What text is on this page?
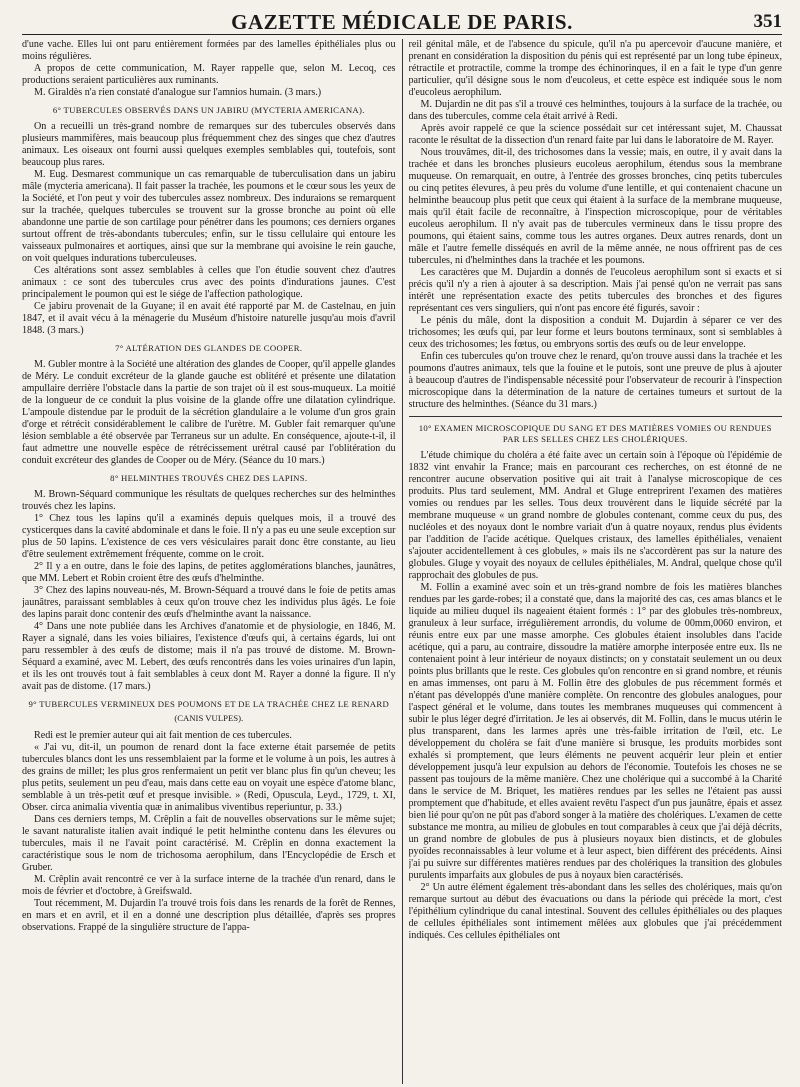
GAZETTE MÉDICALE DE PARIS.	351

d'une vache. Elles lui ont paru entièrement formées par des lamelles épithéliales plus ou moins régulières.

A propos de cette communication, M. Rayer rappelle que, selon M. Lecoq, ces productions seraient particulières aux ruminants.

M. Giraldès n'a rien constaté d'analogue sur l'amnios humain. (3 mars.)

6° TUBERCULES OBSERVÉS DANS UN JABIRU (MYCTERIA AMERICANA).

On a recueilli un très-grand nombre de remarques sur des tubercules observés dans plusieurs mammifères, mais beaucoup plus fréquemment chez des singes que chez d'autres animaux. Les oiseaux ont fourni aussi quelques exemples semblables qui, toutefois, sont beaucoup plus rares.

M. Eug. Desmarest communique un cas remarquable de tuberculisation dans un jabiru mâle (mycteria americana). Il fait passer la trachée, les poumons et le cœur sous les yeux de la Société, et l'on peut y voir des tubercules assez nombreux. Des induraions se remarquent sur la trachée, quelques tubercules se trouvent sur la grosse bronche au point où elle abandonne une partie de son cartilage pour pénétrer dans les poumons; ces derniers organes surtout offrent de très-abondants tubercules; enfin, sur le tissu cellulaire qui entoure les vaisseaux pulmonaires et aortiques, ainsi que sur la membrane qui avoisine le rein gauche, on voit quelques indurations tuberculeuses.

Ces altérations sont assez semblables à celles que l'on étudie souvent chez d'autres animaux : ce sont des tubercules crus avec des points d'indurations jaunes. C'est principalement le poumon qui est le siége de l'affection pathologique.

Ce jabiru provenait de la Guyane; il en avait été rapporté par M. de Castelnau, en juin 1847, et il avait vécu à la ménagerie du Muséum d'histoire naturelle jusqu'au mois d'avril 1848. (3 mars.)

7° ALTÉRATION DES GLANDES DE COOPER.

M. Gubler montre à la Société une altération des glandes de Cooper, qu'il appelle glandes de Méry. Le conduit excréteur de la glande gauche est oblitéré et présente une dilatation ampullaire derrière l'obstacle dans la partie de son trajet où il est sous-muqueux. La moitié de la longueur de ce conduit la plus voisine de la glande offre une dilatation cylindrique. L'ampoule distendue par le produit de la sécrétion glandulaire a le volume d'un gros grain d'orge et rétrécit considérablement le calibre de l'urètre. M. Gubler fait remarquer qu'une lésion semblable a été observée par Terraneus sur un adulte. En conséquence, ajoute-t-il, il faut admettre une nouvelle espèce de rétrécissement urétral causé par l'oblitération du conduit excréteur des glandes de Cooper ou de Méry. (Séance du 10 mars.)

8° HELMINTHES TROUVÉS CHEZ DES LAPINS.

M. Brown-Séquard communique les résultats de quelques recherches sur des helminthes trouvés chez les lapins.

1° Chez tous les lapins qu'il a examinés depuis quelques mois, il a trouvé des cysticerques dans la cavité abdominale et dans le foie. Il n'y a pas eu une seule exception sur plus de 50 lapins. L'existence de ces vers vésiculaires parait donc être constante, au lieu d'être seulement extrêmement fréquente, comme on le croit.

2° Il y a en outre, dans le foie des lapins, de petites agglomérations blanches, jaunâtres, que MM. Lebert et Robin croient être des œufs d'helminthe.

3° Chez des lapins nouveau-nés, M. Brown-Séquard a trouvé dans le foie de petits amas jaunâtres, paraissant semblables à ceux qu'on trouve chez les individus plus âgés. Le foie des lapins parait donc contenir des œufs d'helminthe avant la naissance.

4° Dans une note publiée dans les Archives d'anatomie et de physiologie, en 1846, M. Rayer a signalé, dans les voies biliaires, l'existence d'œufs qui, à certains égards, lui ont paru ressembler à des œufs de distome; mais il n'a pas trouvé de distome. M. Brown-Séquard a examiné, avec M. Lebert, des œufs rencontrés dans les voies urinaires d'un lapin, et ils les ont trouvés tout à fait semblables à ceux dont M. Rayer a donné la figure. Il n'y avait pas de distome. (17 mars.)

9° TUBERCULES VERMINEUX DES POUMONS ET DE LA TRACHÉE CHEZ LE RENARD
(CANIS VULPES).

Redi est le premier auteur qui ait fait mention de ces tubercules.

« J'ai vu, dit-il, un poumon de renard dont la face externe était parsemée de petits tubercules blancs dont les uns ressemblaient par la forme et le volume à un pois, les autres à des grains de millet; les plus gros renfermaient un petit ver blanc plus fin qu'un cheveu; les plus petits, seulement un peu d'eau, mais dans cette eau on voyait une espèce d'atome blanc, semblable à un très-petit œuf et presque invisible. » (Redi, Opuscula, Leyd., 1729, t. XI, Obser. circa animalia viventia quæ in animalibus viventibus reperiuntur, p. 33.)

Dans ces derniers temps, M. Crêplin a fait de nouvelles observations sur le même sujet; le savant naturaliste italien avait indiqué le petit helminthe contenu dans les élevures ou tubercules, mais il ne l'avait point caractérisé. M. Crêplin en donna exactement la caractéristique sous le nom de trichosoma aerophilum, dans l'Encyclopédie de Ersch et Gruber.

M. Crêplin avait rencontré ce ver à la surface interne de la trachée d'un renard, dans le mois de février et d'octobre, à Greifswald.

Tout récemment, M. Dujardin l'a trouvé trois fois dans les renards de la forêt de Rennes, en mars et en avril, et il en a donné une description plus détaillée, d'après ses propres observations. Frappé de la singulière structure de l'appa-

reil génital mâle, et de l'absence du spicule, qu'il n'a pu apercevoir d'aucune manière, et prenant en considération la disposition du pénis qui est représenté par un long tube épineux, rétractile et protractile, comme la trompe des échinorinques, il en a fait le type d'un genre particulier, qu'il désigne sous le nom d'eucoleus, et cette espèce est indiquée sous le nom d'eucoleus aerophilum.

M. Dujardin ne dit pas s'il a trouvé ces helminthes, toujours à la surface de la trachée, ou dans des tubercules, comme cela était arrivé à Redi.

Après avoir rappelé ce que la science possédait sur cet intéressant sujet, M. Chaussat raconte le résultat de la dissection d'un renard faite par lui dans le laboratoire de M. Rayer.

Nous trouvâmes, dit-il, des trichosomes dans la vessie; mais, en outre, il y avait dans la trachée et dans les bronches plusieurs eucoleus aerophilum, étendus sous la membrane muqueuse. On remarquait, en outre, à l'entrée des grosses bronches, cinq petits tubercules ou cinq petites élevures, à peu près du volume d'une lentille, et qui contenaient chacune un helminthe beaucoup plus petit que ceux qui étaient à la surface de la membrane muqueuse, mais qu'il était facile de reconnaître, à l'inspection microscopique, pour de véritables eucoleus aerophilum. Il n'y avait pas de tubercules vermineux dans le tissu propre des poumons, qui étaient sains, comme tous les autres organes. Deux autres renards, dont un mâle et l'autre femelle disséqués en avril de la même année, ne nous offrirent pas de ces tubercules, ni d'helminthes dans la trachée et les poumons.

Les caractères que M. Dujardin a donnés de l'eucoleus aerophilum sont si exacts et si précis qu'il n'y a rien à ajouter à sa description. Mais j'ai pensé qu'on ne verrait pas sans intérêt une représentation exacte des petits tubercules des bronches et des figures représentant ces vers singuliers, qui n'ont pas encore été figurés, savoir :

Le pénis du mâle, dont la disposition a conduit M. Dujardin à séparer ce ver des trichosomes; les œufs qui, par leur forme et leurs boutons terminaux, sont si semblables à ceux des trichosomes; les fœtus, ou embryons sortis des œufs ou de leur enveloppe.

Enfin ces tubercules qu'on trouve chez le renard, qu'on trouve aussi dans la trachée et les poumons d'autres animaux, tels que la fouine et le putois, sont une preuve de plus à ajouter à beaucoup d'autres de l'indispensable nécessité pour l'observateur de recourir à l'inspection microscopique dans la détermination de la nature de certaines tumeurs et surtout de la structure des helminthes. (Séance du 31 mars.)

10° EXAMEN MICROSCOPIQUE DU SANG ET DES MATIÈRES VOMIES OU RENDUES PAR LES SELLES CHEZ LES CHOLÉRIQUES.

L'étude chimique du choléra a été faite avec un certain soin à l'époque où l'épidémie de 1832 vint envahir la France; mais en parcourant ces recherches, on est étonné de ne rencontrer aucune observation positive qui ait trait à l'analyse microscopique de ces produits. Plus tard seulement, MM. Andral et Gluge entreprirent l'examen des matières vomies ou rendues par les selles. Tous deux trouvèrent dans le liquide sécrété par la membrane muqueuse « un grand nombre de globules contenant, comme ceux du pus, des nucléoles et des noyaux dont le nombre variait d'un à quatre noyaux, rendus plus évidents par l'addition de l'acide acétique. Quelques cristaux, des lamelles épithéliales, venaient s'ajouter accidentellement à ces globules, » mais ils ne s'accordèrent pas sur la nature des globules. Gluge y voyait des noyaux de cellules épithéliales, M. Andral, quelque chose qu'il rapprochait des globules de pus.

M. Follin a examiné avec soin et un très-grand nombre de fois les matières blanches rendues par les garde-robes; il a constaté que, dans la majorité des cas, ces amas blancs et le liquide au milieu duquel ils nageaient étaient formés : 1° par des globules très-nombreux, granuleux à leur surface, irrégulièrement arrondis, du volume de 00mm,0060 environ, et réunis entre eux par une masse amorphe. Ces globules étaient insolubles dans l'acide acétique, qui a paru, au contraire, dissoudre la matière amorphe interposée entre eux. Ils ne contenaient point à leur intérieur de noyaux distincts; on y constatait seulement un ou deux points plus brillants que le reste. Ces globules qu'on rencontre en si grand nombre, et réunis en amas immenses, ont paru à M. Follin être des globules de pus récemment formés et n'étant pas développés d'une manière complète. On rencontre des globules analogues, pour l'aspect général et le volume, dans toutes les membranes muqueuses qui commencent à subir le plus léger degré d'irritation. Je les ai observés, dit M. Follin, dans le mucus utérin le plus transparent, dans les larmes après une très-faible irritation de l'œil, etc. Le développement du choléra se fait d'une manière si brusque, les produits morbides sont exhalés si promptement, que leurs éléments ne peuvent acquérir leur plein et entier développement jusqu'à leur expulsion au dehors de l'économie. Toutefois les choses ne se passent pas toujours de la même manière. Chez une cholérique qui a succombé à la Charité dans le service de M. Briquet, les matières rendues par les selles ne l'étaient pas aussi promptement que d'habitude, et elles avaient revêtu l'aspect d'un pus jaunâtre, épais et assez bien lié pour qu'on ne pût pas d'abord songer à la matière des cholériques. L'examen de cette substance me montra, au milieu de globules en tout comparables à ceux que j'ai déjà décrits, un grand nombre de globules de pus à plusieurs noyaux bien distincts, et de globules pyoïdes reconnaissables à leur volume et à leur aspect, bien différent des précédents. Ainsi j'ai pu suivre sur différentes matières rendues par des cholériques la transition des globules purulents imparfaits aux globules de pus à noyaux bien caractérisés.

2° Un autre élément également très-abondant dans les selles des cholériques, mais qu'on remarque surtout au début des évacuations ou dans la période qui précède la mort, c'est l'épithélium cylindrique du canal intestinal. Souvent des cellules épithéliales ou des plaques de cellules épithéliales sont intimement mêlées aux globules que j'ai précédemment indiqués. Ces cellules épithéliales ont
